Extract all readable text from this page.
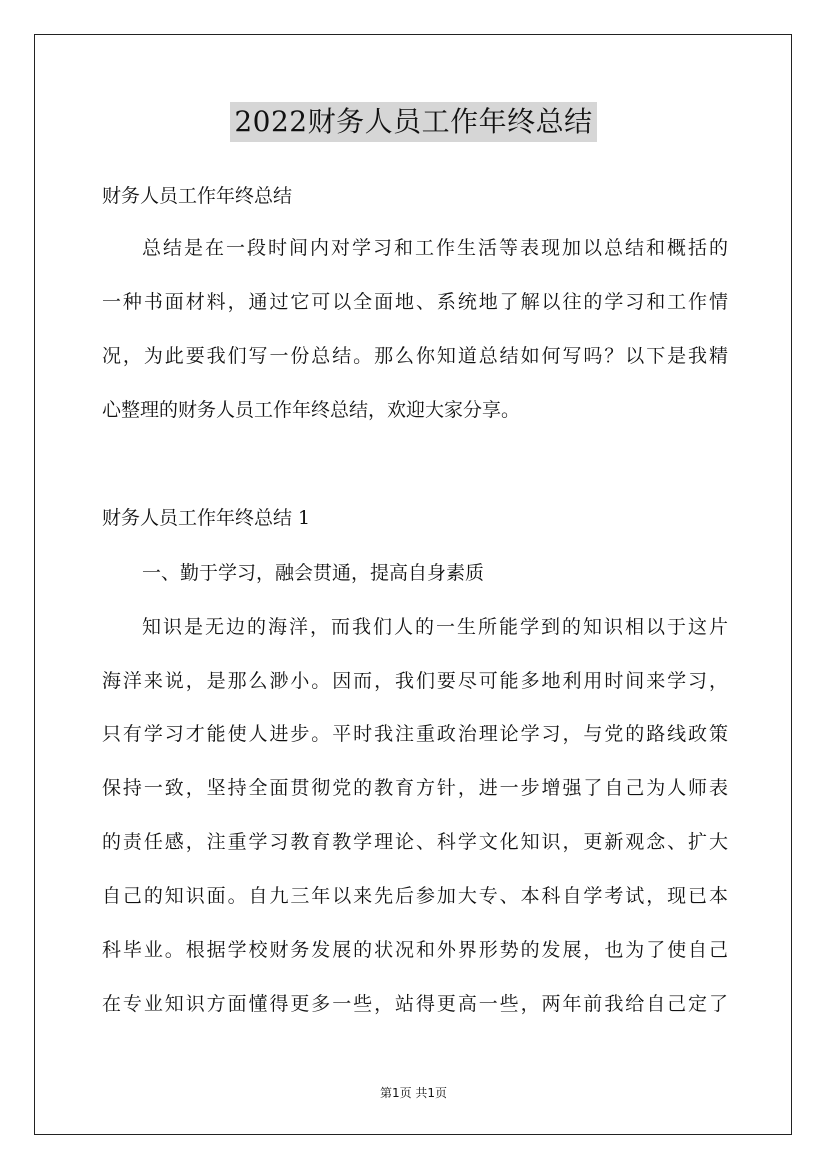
2022财务人员工作年终总结
财务人员工作年终总结
总结是在一段时间内对学习和工作生活等表现加以总结和概括的
一种书面材料，通过它可以全面地、系统地了解以往的学习和工作情
况，为此要我们写一份总结。那么你知道总结如何写吗？以下是我精
心整理的财务人员工作年终总结，欢迎大家分享。
财务人员工作年终总结 1
一、勤于学习，融会贯通，提高自身素质
知识是无边的海洋，而我们人的一生所能学到的知识相以于这片
海洋来说，是那么渺小。因而，我们要尽可能多地利用时间来学习，
只有学习才能使人进步。平时我注重政治理论学习，与党的路线政策
保持一致，坚持全面贯彻党的教育方针，进一步增强了自己为人师表
的责任感，注重学习教育教学理论、科学文化知识，更新观念、扩大
自己的知识面。自九三年以来先后参加大专、本科自学考试，现已本
科毕业。根据学校财务发展的状况和外界形势的发展，也为了使自己
在专业知识方面懂得更多一些，站得更高一些，两年前我给自己定了
第1页 共1页
